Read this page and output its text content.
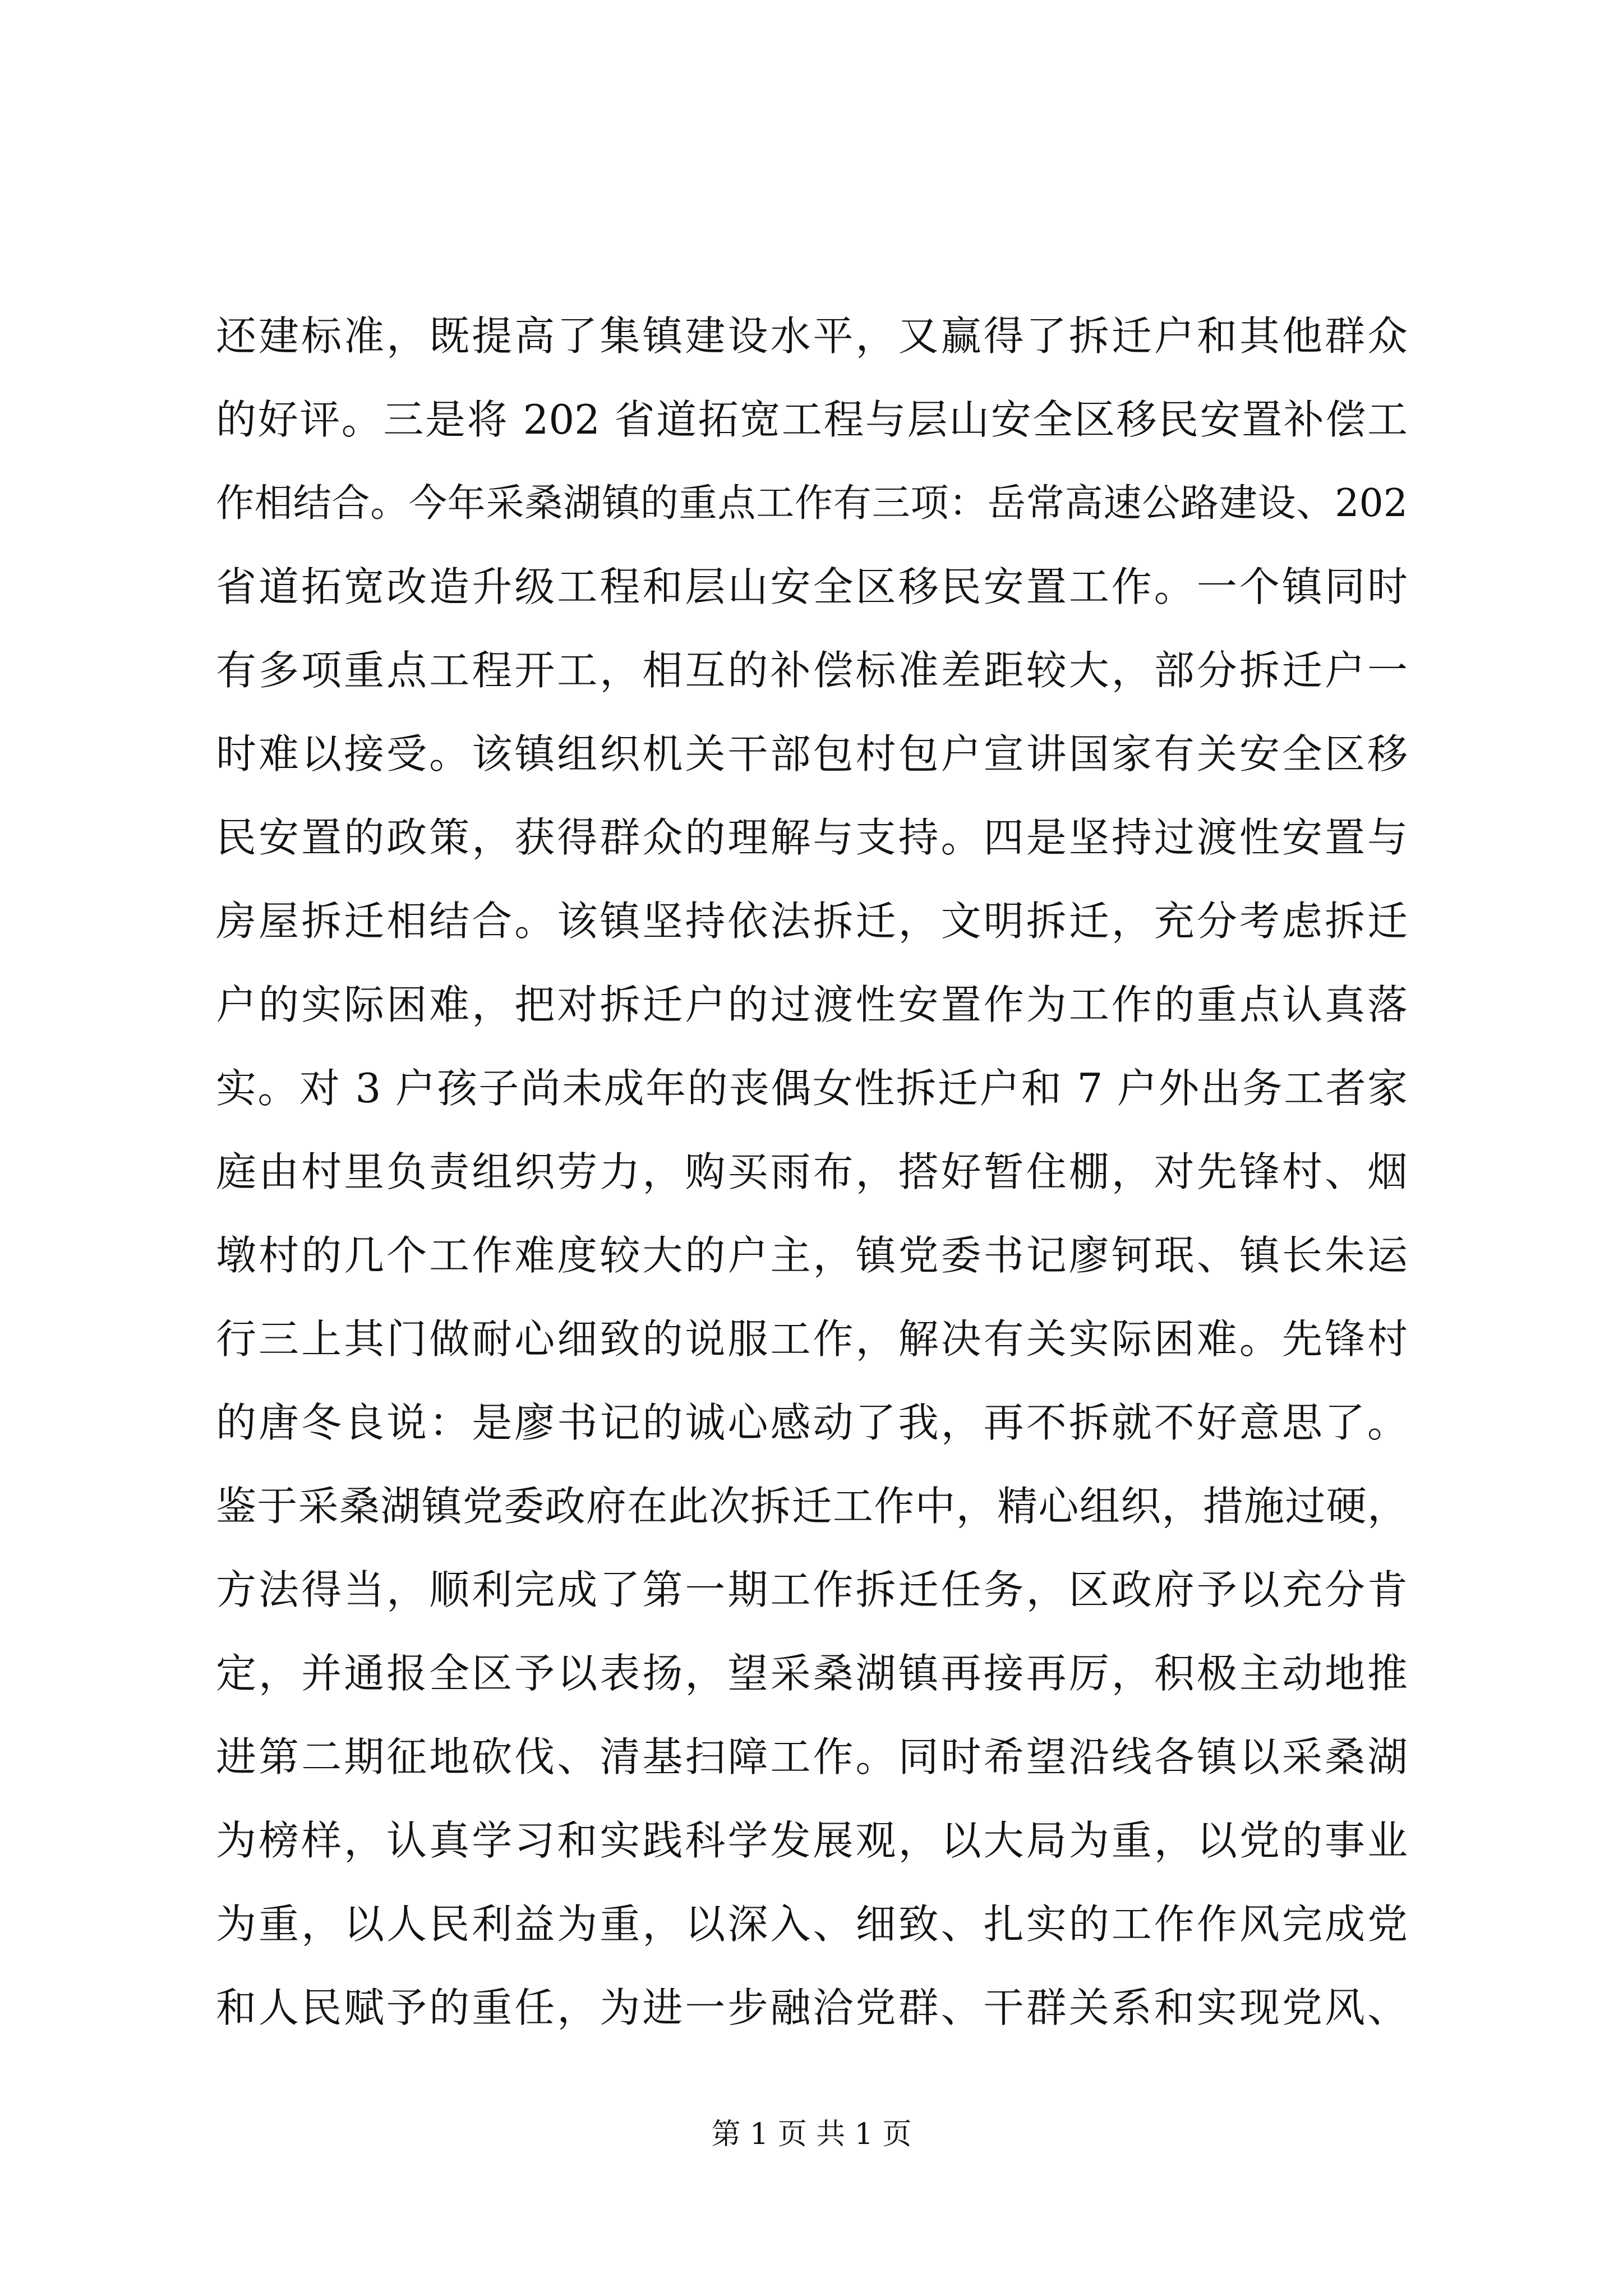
还建标准，既提高了集镇建设水平，又赢得了拆迁户和其他群众
的好评。三是将 202 省道拓宽工程与层山安全区移民安置补偿工
作相结合。今年采桑湖镇的重点工作有三项：岳常高速公路建设、202
省道拓宽改造升级工程和层山安全区移民安置工作。一个镇同时
有多项重点工程开工，相互的补偿标准差距较大，部分拆迁户一
时难以接受。该镇组织机关干部包村包户宣讲国家有关安全区移
民安置的政策，获得群众的理解与支持。四是坚持过渡性安置与
房屋拆迁相结合。该镇坚持依法拆迁，文明拆迁，充分考虑拆迁
户的实际困难，把对拆迁户的过渡性安置作为工作的重点认真落
实。对 3 户孩子尚未成年的丧偶女性拆迁户和 7 户外出务工者家
庭由村里负责组织劳力，购买雨布，搭好暂住棚，对先锋村、烟
墩村的几个工作难度较大的户主，镇党委书记廖钶珉、镇长朱运
行三上其门做耐心细致的说服工作，解决有关实际困难。先锋村
的唐冬良说：是廖书记的诚心感动了我，再不拆就不好意思了。
鉴于采桑湖镇党委政府在此次拆迁工作中，精心组织，措施过硬，
方法得当，顺利完成了第一期工作拆迁任务，区政府予以充分肯
定，并通报全区予以表扬，望采桑湖镇再接再厉，积极主动地推
进第二期征地砍伐、清基扫障工作。同时希望沿线各镇以采桑湖
为榜样，认真学习和实践科学发展观，以大局为重，以党的事业
为重，以人民利益为重，以深入、细致、扎实的工作作风完成党
和人民赋予的重任，为进一步融洽党群、干群关系和实现党风、
第 1 页 共 1 页
